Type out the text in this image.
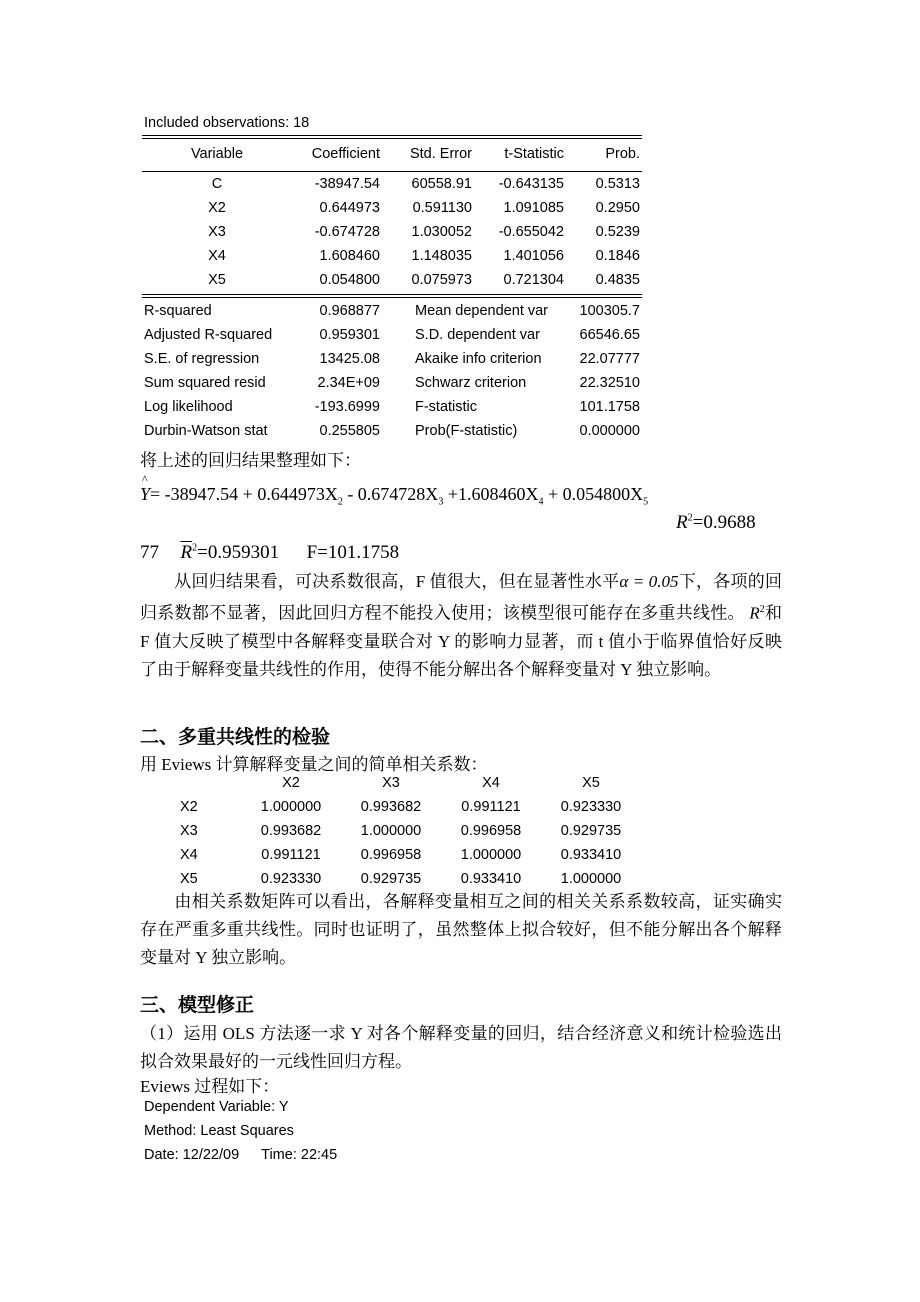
Included observations: 18
Variable	Coefficient	Std. Error	t-Statistic	Prob.
C	-38947.54	60558.91	-0.643135	0.5313
X2	0.644973	0.591130	1.091085	0.2950
X3	-0.674728	1.030052	-0.655042	0.5239
X4	1.608460	1.148035	1.401056	0.1846
X5	0.054800	0.075973	0.721304	0.4835
R-squared	0.968877 Mean dependent var	100305.7
Adjusted R-squared	0.959301 S.D. dependent var	66546.65
S.E. of regression	13425.08 Akaike info criterion	22.07777
Sum squared resid	2.34E+09 Schwarz criterion	22.32510
Log likelihood	-193.6999 F-statistic	101.1758
Durbin-Watson stat	0.255805 Prob(F-statistic)	0.000000
将上述的回归结果整理如下：
^
$Y= -38947.54 + 0.644973X_2 - 0.674728X_3 +1.608460X_4 + 0.054800X_5$
$R^2=0.9688$
77 $\overline{R}^2=0.959301$ F=101.1758
从回归结果看，可决系数很高，F 值很大，但在显著性水平α = 0.05下，各项的回归系数都不显著，因此回归方程不能投入使用；该模型很可能存在多重共线性。 $R^2$和 F 值大反映了模型中各解释变量联合对 Y 的影响力显著，而 t 值小于临界值恰好反映了由于解释变量共线性的作用，使得不能分解出各个解释变量对 Y 独立影响。
二、多重共线性的检验
用 Eviews 计算解释变量之间的简单相关系数：
X2	X3	X4	X5
X2	1.000000	0.993682	0.991121	0.923330
X3	0.993682	1.000000	0.996958	0.929735
X4	0.991121	0.996958	1.000000	0.933410
X5	0.923330	0.929735	0.933410	1.000000
由相关系数矩阵可以看出，各解释变量相互之间的相关关系系数较高，证实确实存在严重多重共线性。同时也证明了，虽然整体上拟合较好，但不能分解出各个解释变量对 Y 独立影响。
三、模型修正
（1）运用 OLS 方法逐一求 Y 对各个解释变量的回归，结合经济意义和统计检验选出拟合效果最好的一元线性回归方程。
Eviews 过程如下：
Dependent Variable: Y
Method: Least Squares
Date: 12/22/09 Time: 22:45
